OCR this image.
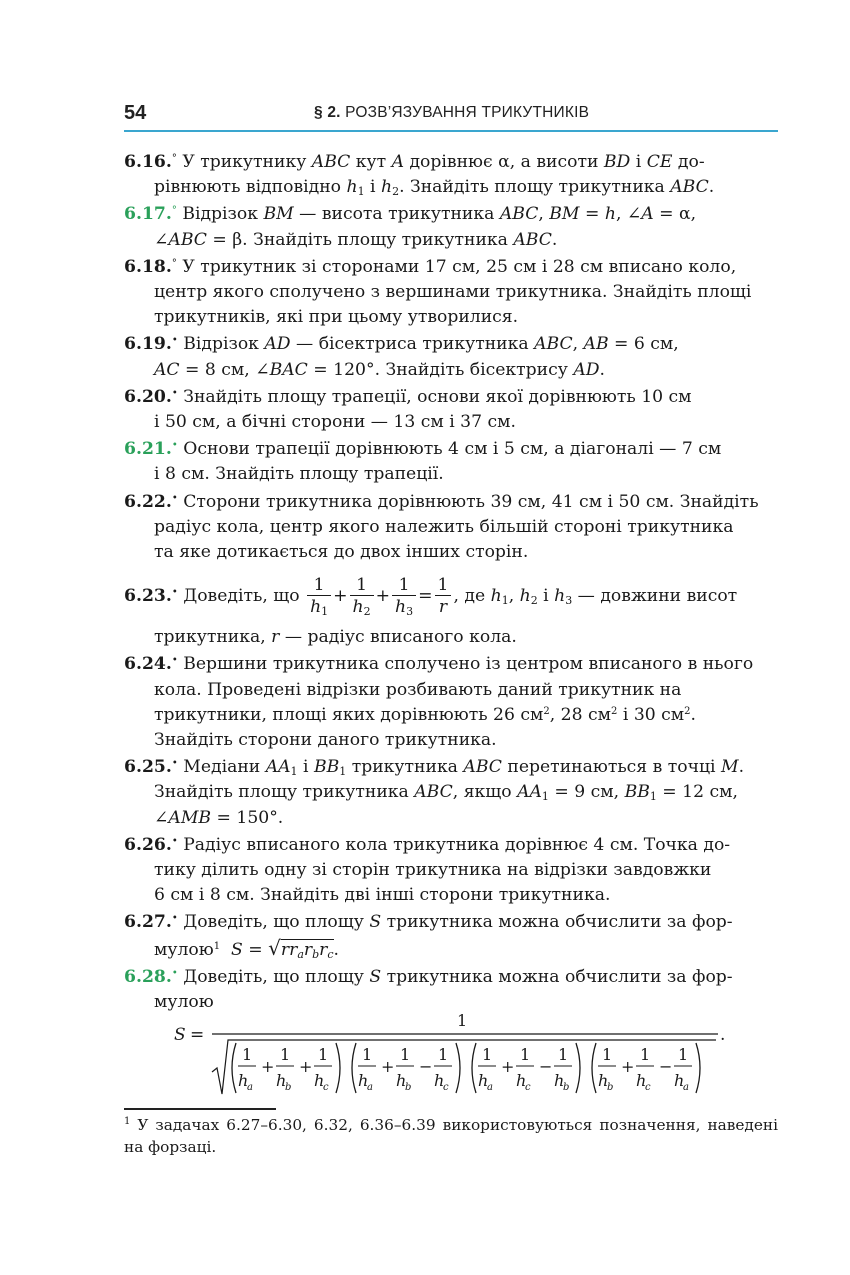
54	§ 2. РОЗВ’ЯЗУВАННЯ ТРИКУТНИКІВ

6.16.° У трикутнику ABC кут A дорівнює α, а висоти BD і CE до-

рівнюють відповідно $h_1$ і $h_2$. Знайдіть площу трикутника ABC.

6.17.° Відрізок BM — висота трикутника ABC, BM = h, ∠A = α,

∠ABC = β. Знайдіть площу трикутника ABC.

6.18.° У трикутник зі сторонами 17 см, 25 см і 28 см вписано коло,

центр якого сполучено з вершинами трикутника. Знайдіть площі

трикутників, які при цьому утворилися.

6.19.• Відрізок AD — бісектриса трикутника ABC, AB = 6 см,

AC = 8 см, ∠BAC = 120°. Знайдіть бісектрису AD.

6.20.• Знайдіть площу трапеції, основи якої дорівнюють 10 см

і 50 см, а бічні сторони — 13 см і 37 см.

6.21.• Основи трапеції дорівнюють 4 см і 5 см, а діагоналі — 7 см

і 8 см. Знайдіть площу трапеції.

6.22.• Сторони трикутника дорівнюють 39 см, 41 см і 50 см. Знайдіть

радіус кола, центр якого належить більшій стороні трикутника

та яке дотикається до двох інших сторін.

6.23.• Доведіть, що $\frac{1}{h_1} + \frac{1}{h_2} + \frac{1}{h_3} = \frac{1}{r}$ , де $h_1$, $h_2$ і $h_3$ — довжини висот

трикутника, r — радіус вписаного кола.

6.24.• Вершини трикутника сполучено із центром вписаного в нього

кола. Проведені відрізки розбивають даний трикутник на

трикутники, площі яких дорівнюють 26 $см^2$, 28 $см^2$ і 30 $см^2$.

Знайдіть сторони даного трикутника.

6.25.• Медіани $AA_1$ і $BB_1$ трикутника ABC перетинаються в точці M.

Знайдіть площу трикутника ABC, якщо $AA_1 = 9$ см, $BB_1 = 12$ см,

∠AMB = 150°.

6.26.• Радіус вписаного кола трикутника дорівнює 4 см. Точка до-

тику ділить одну зі сторін трикутника на відрізки завдовжки

6 см і 8 см. Знайдіть дві інші сторони трикутника.

6.27.• Доведіть, що площу S трикутника можна обчислити за фор-

мулою$^1$ $S = √rr_ar_br_c$.

6.28.• Доведіть, що площу S трикутника можна обчислити за фор-

мулою

S =
1
.
1
h
a
+
1
h
b
+
1
h
c
1
h
a
+
1
h
b
−
1
h
c
1
h
a
+
1
h
c
−
1
h
b
1
h
b
+
1
h
c
−
1
h
a
$^1$ У задачах 6.27–6.30, 6.32, 6.36–6.39 використовуються позначення, наведені на форзаці.
